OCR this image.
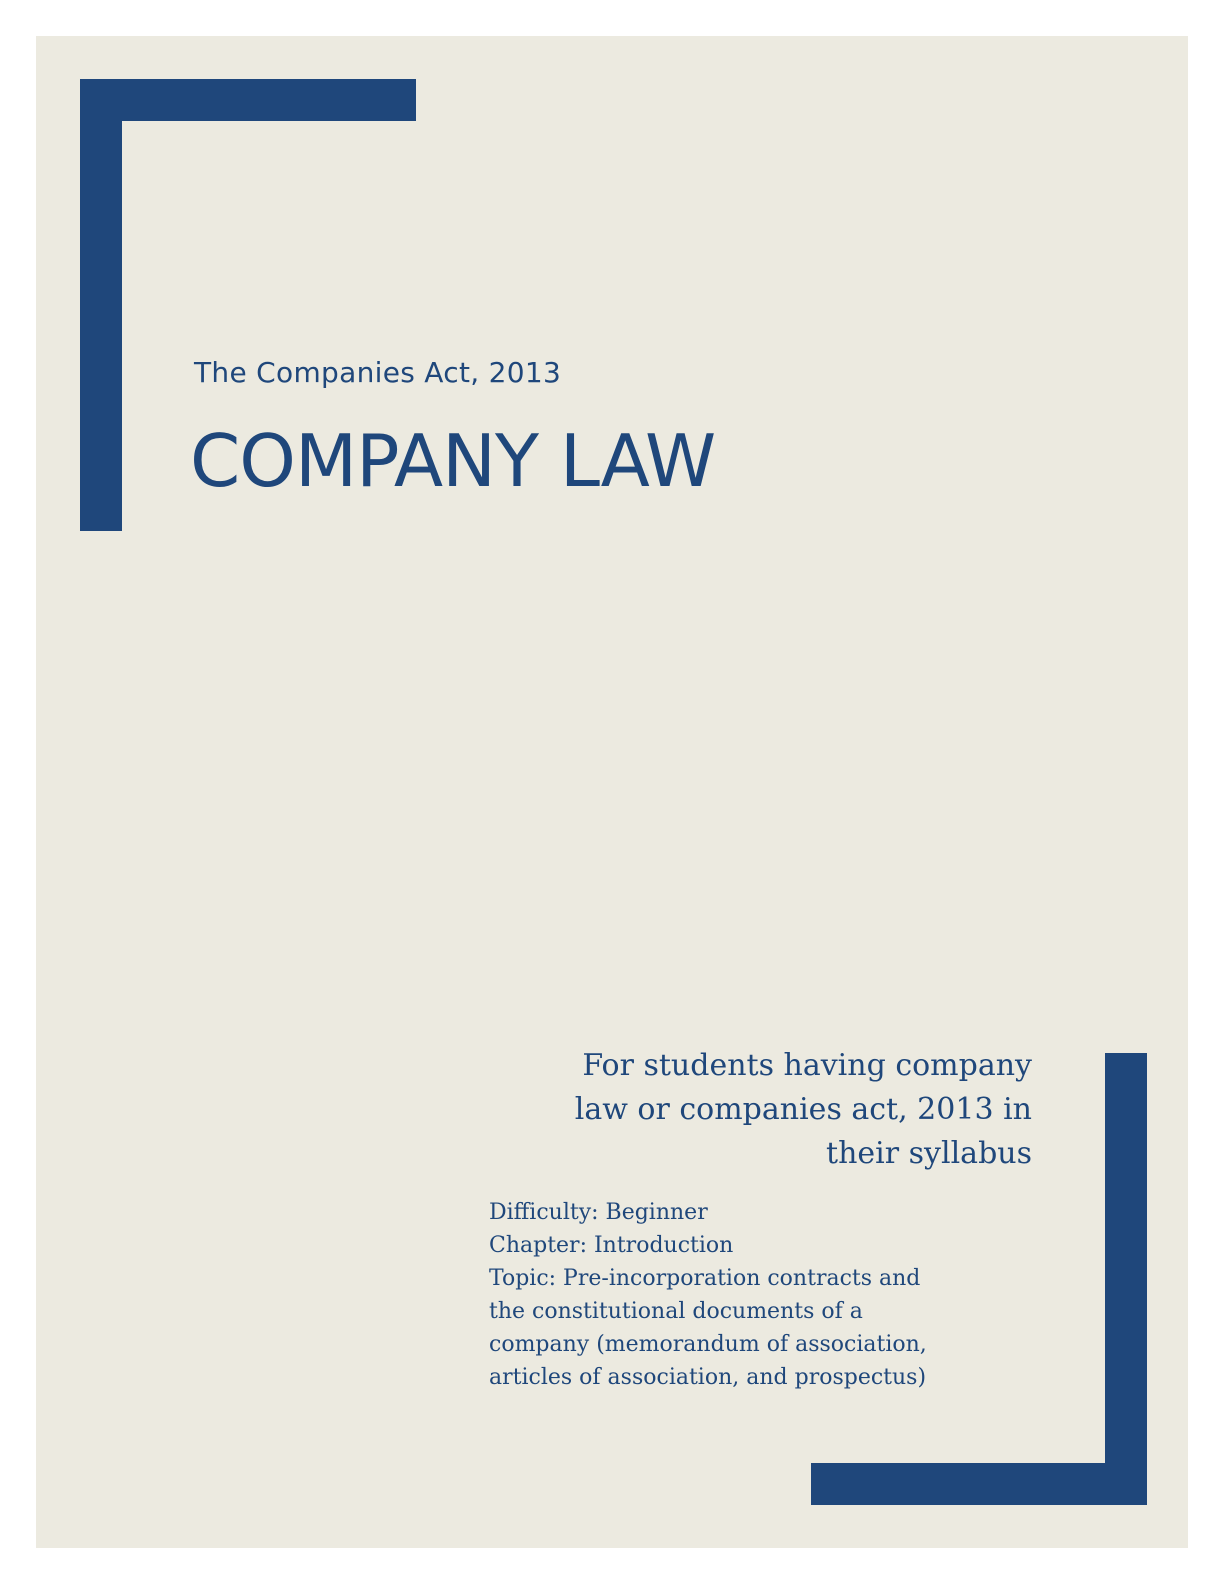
The Companies Act, 2013
COMPANY LAW
For students having company
law or companies act, 2013 in
their syllabus
Difficulty: Beginner
Chapter: Introduction
Topic: Pre-incorporation contracts and
the constitutional documents of a
company (memorandum of association,
articles of association, and prospectus)
